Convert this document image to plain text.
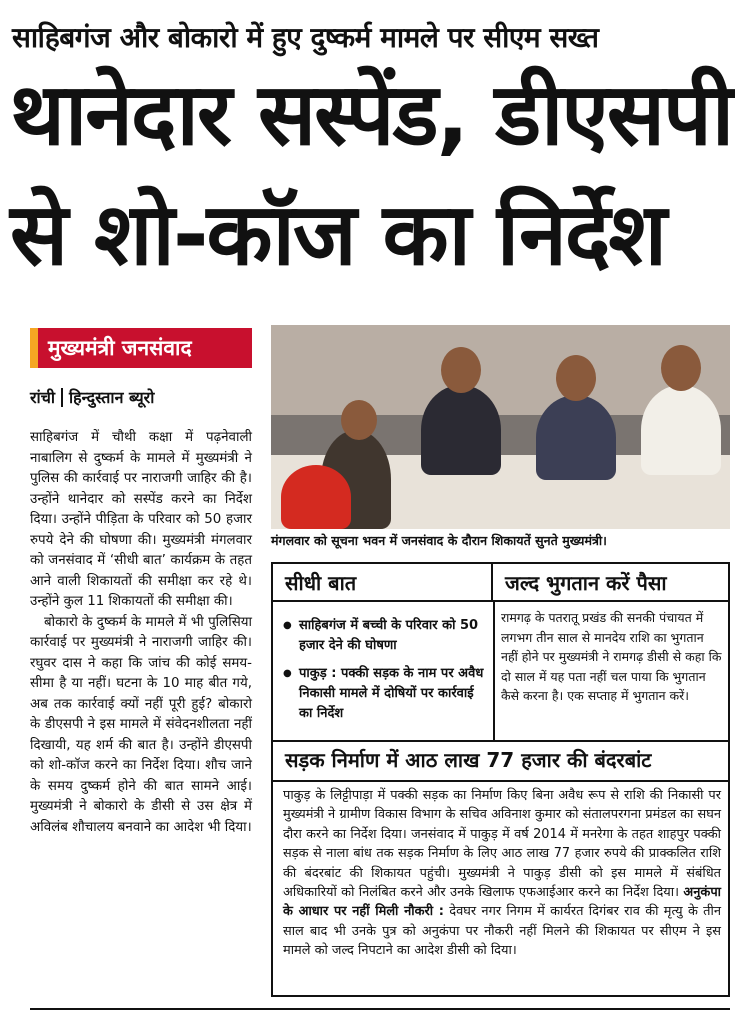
साहिबगंज और बोकारो में हुए दुष्कर्म मामले पर सीएम सख्त
थानेदार सस्पेंड, डीएसपी
से शो-कॉज का निर्देश
मुख्यमंत्री जनसंवाद
रांची हिन्दुस्तान ब्यूरो

साहिबगंज में चौथी कक्षा में पढ़नेवाली नाबालिग से दुष्कर्म के मामले में मुख्यमंत्री ने पुलिस की कार्रवाई पर नाराजगी जाहिर की है। उन्होंने थानेदार को सस्पेंड करने का निर्देश दिया। उन्होंने पीड़िता के परिवार को 50 हजार रुपये देने की घोषणा की। मुख्यमंत्री मंगलवार को जनसंवाद में ‘सीधी बात’ कार्यक्रम के तहत आने वाली शिकायतों की समीक्षा कर रहे थे। उन्होंने कुल 11 शिकायतों की समीक्षा की।

बोकारो के दुष्कर्म के मामले में भी पुलिसिया कार्रवाई पर मुख्यमंत्री ने नाराजगी जाहिर की। रघुवर दास ने कहा कि जांच की कोई समय-सीमा है या नहीं। घटना के 10 माह बीत गये, अब तक कार्रवाई क्यों नहीं पूरी हुई? बोकारो के डीएसपी ने इस मामले में संवेदनशीलता नहीं दिखायी, यह शर्म की बात है। उन्होंने डीएसपी को शो-कॉज करने का निर्देश दिया। शौच जाने के समय दुष्कर्म होने की बात सामने आई। मुख्यमंत्री ने बोकारो के डीसी से उस क्षेत्र में अविलंब शौचालय बनवाने का आदेश भी दिया।

मंगलवार को सूचना भवन में जनसंवाद के दौरान शिकायतें सुनते मुख्यमंत्री।
सीधी बात	जल्द भुगतान करें पैसा
● साहिबगंज में बच्ची के परिवार को 50 हजार देने की घोषणा
● पाकुड़ : पक्की सड़क के नाम पर अवैध निकासी मामले में दोषियों पर कार्रवाई का निर्देश
रामगढ़ के पतरातू प्रखंड की सनकी पंचायत में लगभग तीन साल से मानदेय राशि का भुगतान नहीं होने पर मुख्यमंत्री ने रामगढ़ डीसी से कहा कि दो साल में यह पता नहीं चल पाया कि भुगतान कैसे करना है। एक सप्ताह में भुगतान करें।
सड़क निर्माण में आठ लाख 77 हजार की बंदरबांट
पाकुड़ के लिट्टीपाड़ा में पक्की सड़क का निर्माण किए बिना अवैध रूप से राशि की निकासी पर मुख्यमंत्री ने ग्रामीण विकास विभाग के सचिव अविनाश कुमार को संतालपरगना प्रमंडल का सघन दौरा करने का निर्देश दिया। जनसंवाद में पाकुड़ में वर्ष 2014 में मनरेगा के तहत शाहपुर पक्की सड़क से नाला बांध तक सड़क निर्माण के लिए आठ लाख 77 हजार रुपये की प्राक्कलित राशि की बंदरबांट की शिकायत पहुंची। मुख्यमंत्री ने पाकुड़ डीसी को इस मामले में संबंधित अधिकारियों को निलंबित करने और उनके खिलाफ एफआईआर करने का निर्देश दिया। अनुकंपा के आधार पर नहीं मिली नौकरी : देवघर नगर निगम में कार्यरत दिगंबर राव की मृत्यु के तीन साल बाद भी उनके पुत्र को अनुकंपा पर नौकरी नहीं मिलने की शिकायत पर सीएम ने इस मामले को जल्द निपटाने का आदेश डीसी को दिया।
